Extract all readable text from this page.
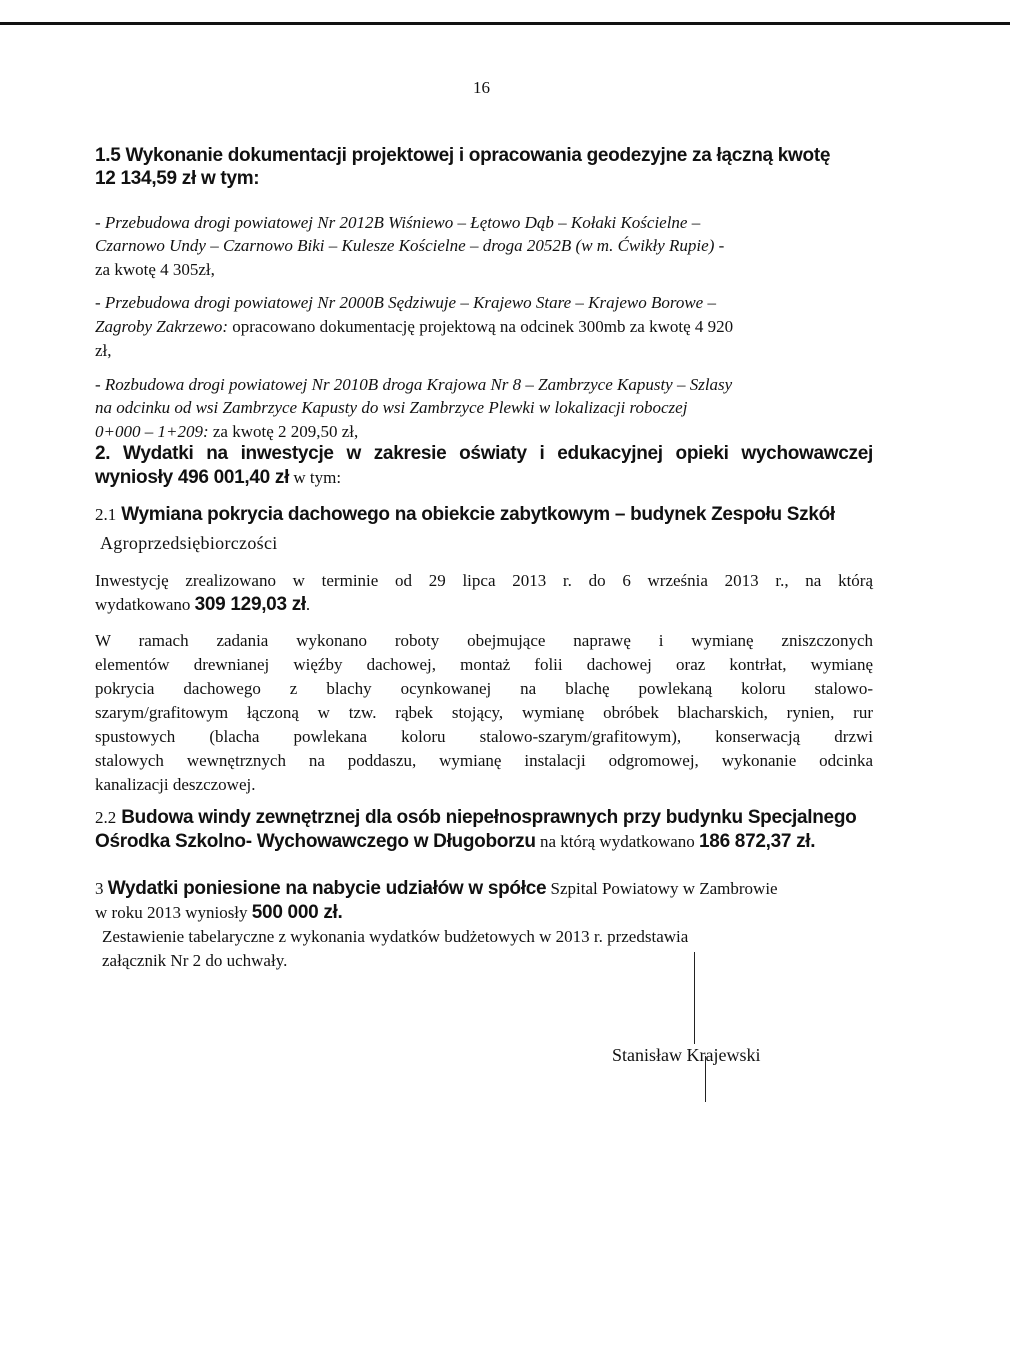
16
1.5 Wykonanie dokumentacji projektowej i opracowania geodezyjne za łączną kwotę
12 134,59 zł w tym:
- Przebudowa drogi powiatowej Nr 2012B Wiśniewo – Łętowo Dąb – Kołaki Kościelne –
Czarnowo Undy – Czarnowo Biki – Kulesze Kościelne – droga 2052B (w m. Ćwikły Rupie) -
za kwotę 4 305zł,
- Przebudowa drogi powiatowej Nr 2000B Sędziwuje – Krajewo Stare – Krajewo Borowe –
Zagroby Zakrzewo: opracowano dokumentację projektową na odcinek 300mb za kwotę 4 920
zł,
- Rozbudowa drogi powiatowej Nr 2010B droga Krajowa Nr 8 – Zambrzyce Kapusty – Szlasy
na odcinku od wsi Zambrzyce Kapusty do wsi Zambrzyce Plewki w lokalizacji roboczej
0+000 – 1+209: za kwotę 2 209,50 zł,
2. Wydatki na inwestycje w zakresie oświaty i edukacyjnej opieki wychowawczej
wyniosły 496 001,40 zł w tym:
2.1 Wymiana pokrycia dachowego na obiekcie zabytkowym – budynek Zespołu Szkół
Agroprzedsiębiorczości
Inwestycję zrealizowano w terminie od 29 lipca 2013 r. do 6 września 2013 r., na którą
wydatkowano 309 129,03 zł.
W ramach zadania wykonano roboty obejmujące naprawę i wymianę zniszczonych
elementów drewnianej więźby dachowej, montaż folii dachowej oraz kontrłat, wymianę
pokrycia dachowego z blachy ocynkowanej na blachę powlekaną koloru stalowo-
szarym/grafitowym łączoną w tzw. rąbek stojący, wymianę obróbek blacharskich, rynien, rur
spustowych (blacha powlekana koloru stalowo-szarym/grafitowym), konserwacją drzwi
stalowych wewnętrznych na poddaszu, wymianę instalacji odgromowej, wykonanie odcinka
kanalizacji deszczowej.
2.2 Budowa windy zewnętrznej dla osób niepełnosprawnych przy budynku Specjalnego
Ośrodka Szkolno- Wychowawczego w Długoborzu na którą wydatkowano 186 872,37 zł.
3 Wydatki poniesione na nabycie udziałów w spółce Szpital Powiatowy w Zambrowie
w roku 2013 wyniosły 500 000 zł.
Zestawienie tabelaryczne z wykonania wydatków budżetowych w 2013 r. przedstawia
załącznik Nr 2 do uchwały.
Stanisław Krajewski
